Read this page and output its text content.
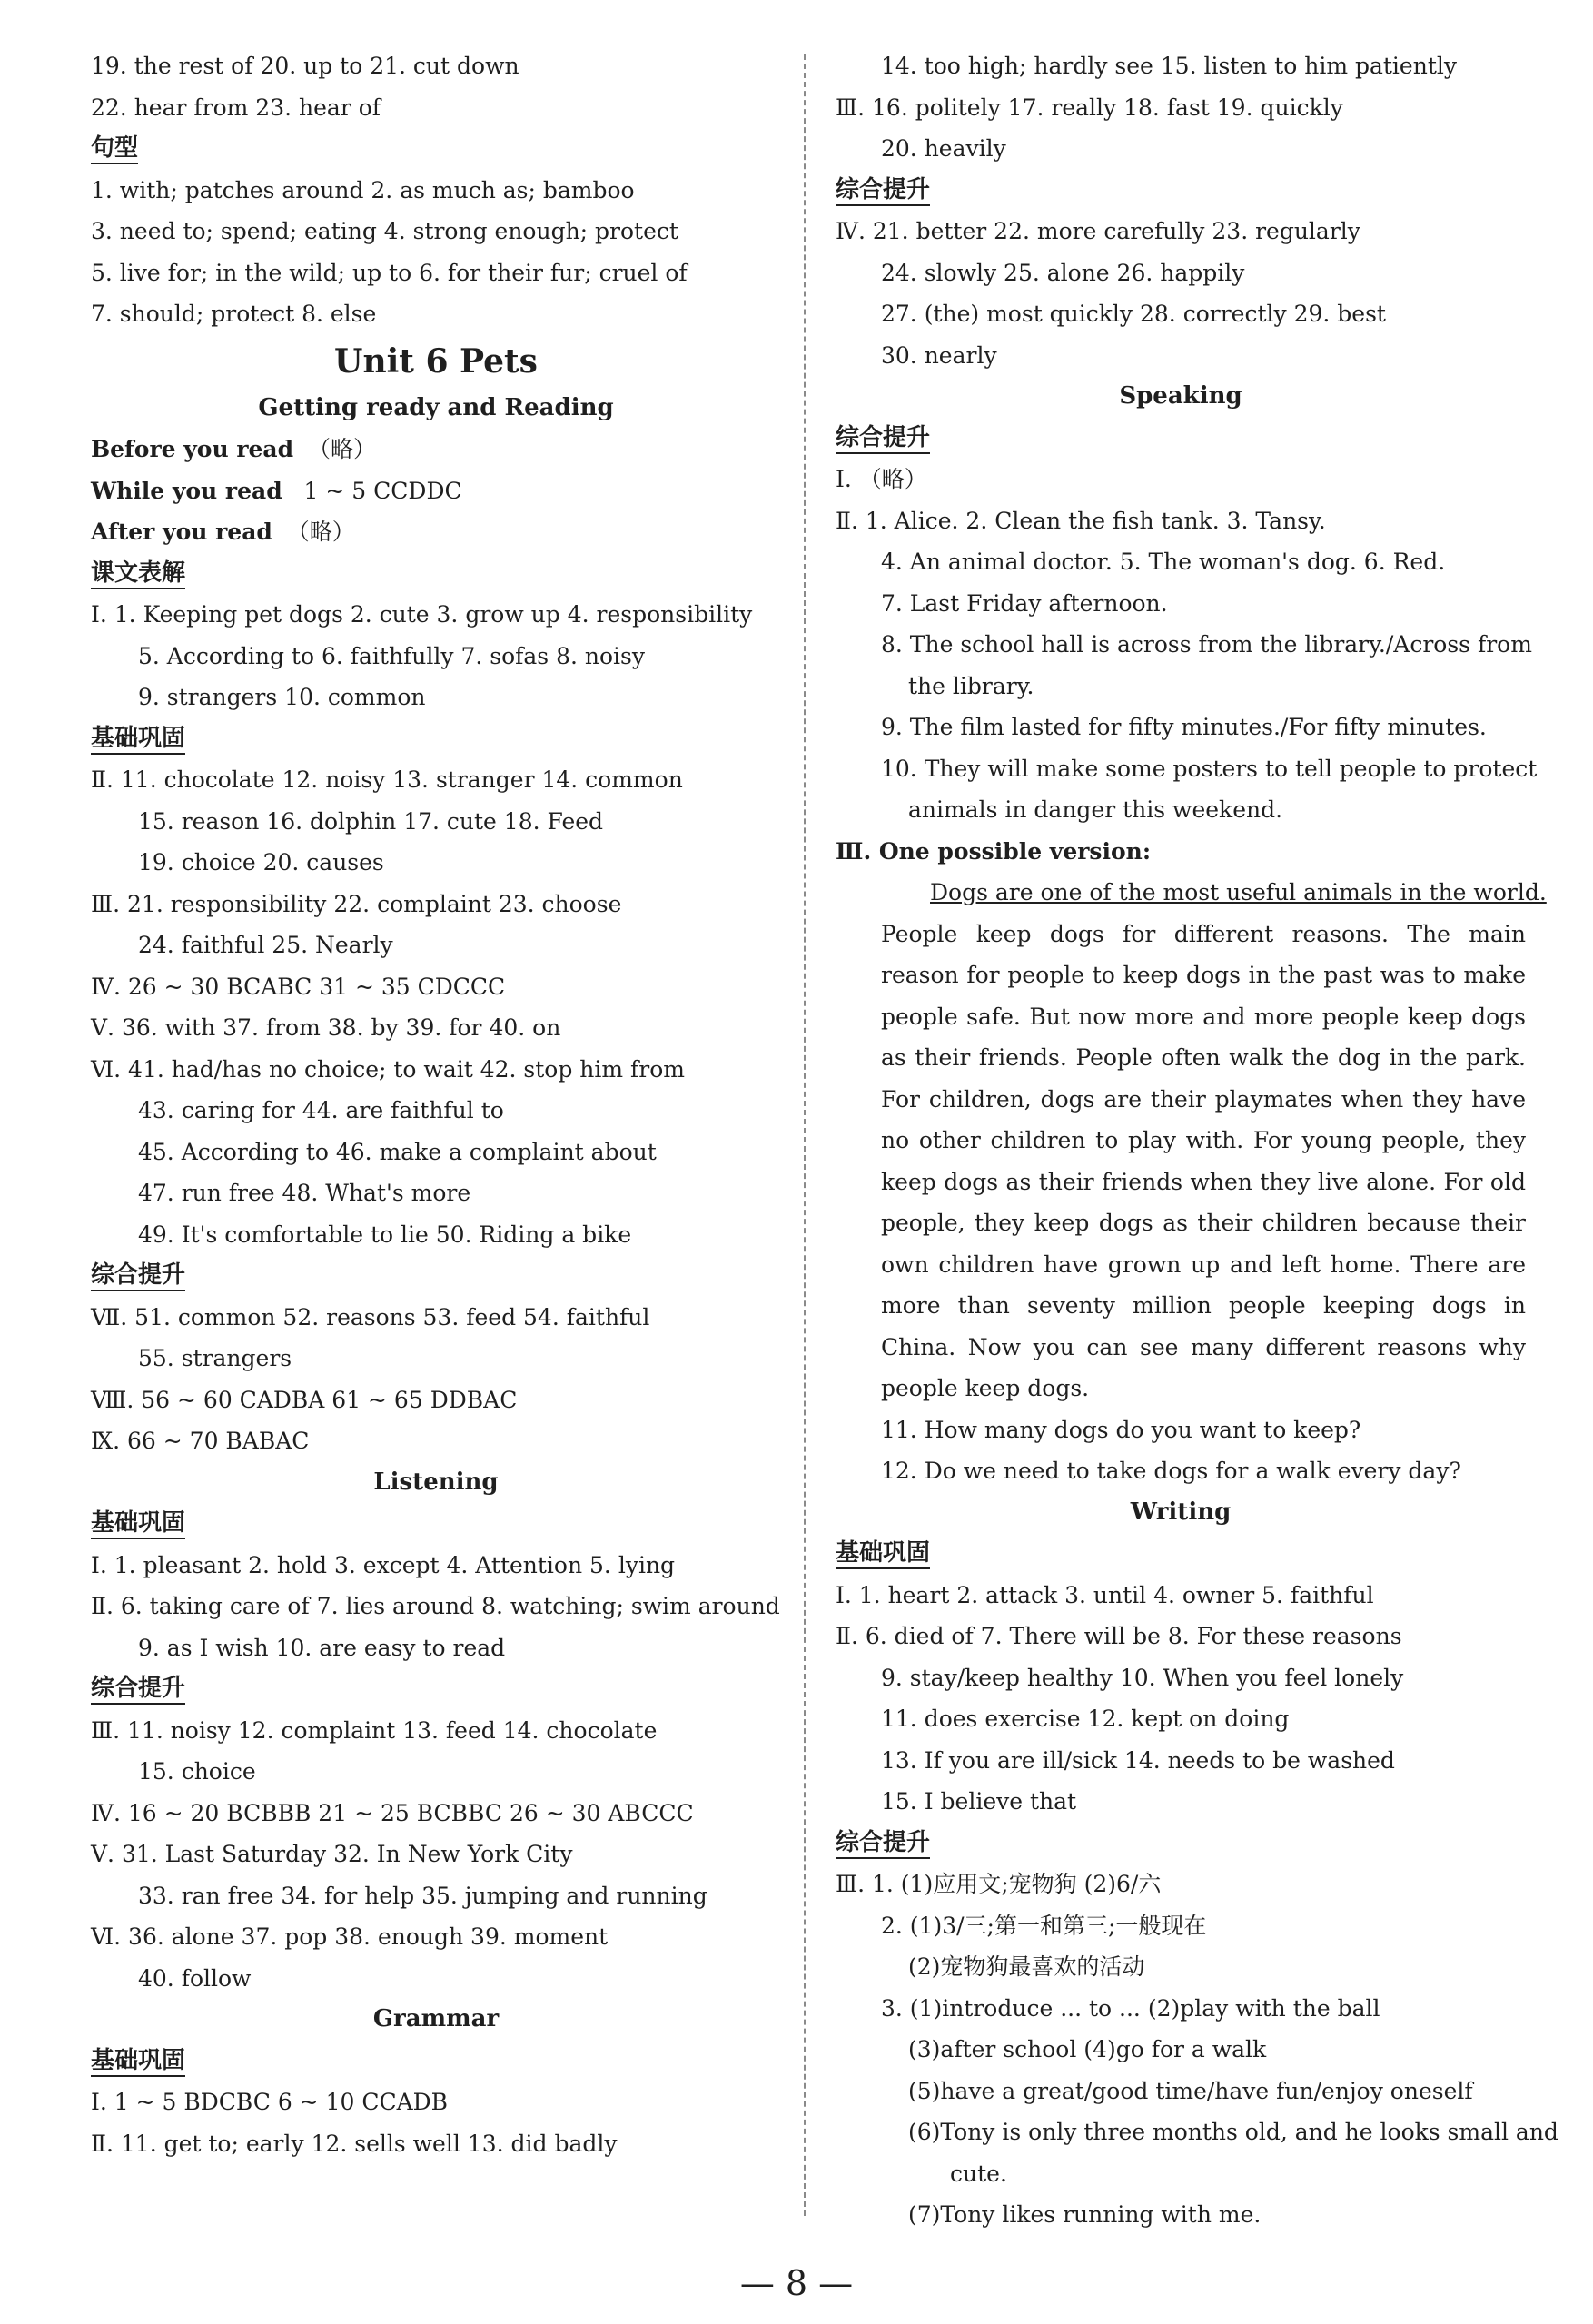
19. the rest of 20. up to 21. cut down
22. hear from 23. hear of
句型
1. with; patches around 2. as much as; bamboo
3. need to; spend; eating 4. strong enough; protect
5. live for; in the wild; up to 6. for their fur; cruel of
7. should; protect 8. else
Unit 6 Pets
Getting ready and Reading
Before you read （略）
While you read 1 ~ 5 CCDDC
After you read （略）
课文表解
Ⅰ. 1. Keeping pet dogs 2. cute 3. grow up 4. responsibility
5. According to 6. faithfully 7. sofas 8. noisy
9. strangers 10. common
基础巩固
Ⅱ. 11. chocolate 12. noisy 13. stranger 14. common
15. reason 16. dolphin 17. cute 18. Feed
19. choice 20. causes
Ⅲ. 21. responsibility 22. complaint 23. choose
24. faithful 25. Nearly
Ⅳ. 26 ~ 30 BCABC 31 ~ 35 CDCCC
Ⅴ. 36. with 37. from 38. by 39. for 40. on
Ⅵ. 41. had/has no choice; to wait 42. stop him from
43. caring for 44. are faithful to
45. According to 46. make a complaint about
47. run free 48. What's more
49. It's comfortable to lie 50. Riding a bike
综合提升
Ⅶ. 51. common 52. reasons 53. feed 54. faithful
55. strangers
Ⅷ. 56 ~ 60 CADBA 61 ~ 65 DDBAC
Ⅸ. 66 ~ 70 BABAC
Listening
基础巩固
Ⅰ. 1. pleasant 2. hold 3. except 4. Attention 5. lying
Ⅱ. 6. taking care of 7. lies around 8. watching; swim around
9. as I wish 10. are easy to read
综合提升
Ⅲ. 11. noisy 12. complaint 13. feed 14. chocolate
15. choice
Ⅳ. 16 ~ 20 BCBBB 21 ~ 25 BCBBC 26 ~ 30 ABCCC
Ⅴ. 31. Last Saturday 32. In New York City
33. ran free 34. for help 35. jumping and running
Ⅵ. 36. alone 37. pop 38. enough 39. moment
40. follow
Grammar
基础巩固
Ⅰ. 1 ~ 5 BDCBC 6 ~ 10 CCADB
Ⅱ. 11. get to; early 12. sells well 13. did badly
14. too high; hardly see 15. listen to him patiently
Ⅲ. 16. politely 17. really 18. fast 19. quickly
20. heavily
综合提升
Ⅳ. 21. better 22. more carefully 23. regularly
24. slowly 25. alone 26. happily
27. (the) most quickly 28. correctly 29. best
30. nearly
Speaking
综合提升
Ⅰ. （略）
Ⅱ. 1. Alice. 2. Clean the fish tank. 3. Tansy.
4. An animal doctor. 5. The woman's dog. 6. Red.
7. Last Friday afternoon.
8. The school hall is across from the library./Across from
the library.
9. The film lasted for fifty minutes./For fifty minutes.
10. They will make some posters to tell people to protect
animals in danger this weekend.
Ⅲ. One possible version:
Dogs are one of the most useful animals in the world.
People keep dogs for different reasons. The main reason for people to keep dogs in the past was to make people safe. But now more and more people keep dogs as their friends. People often walk the dog in the park. For children, dogs are their playmates when they have no other children to play with. For young people, they keep dogs as their friends when they live alone. For old people, they keep dogs as their children because their own children have grown up and left home. There are more than seventy million people keeping dogs in China. Now you can see many different reasons why people keep dogs.
11. How many dogs do you want to keep?
12. Do we need to take dogs for a walk every day?
Writing
基础巩固
Ⅰ. 1. heart 2. attack 3. until 4. owner 5. faithful
Ⅱ. 6. died of 7. There will be 8. For these reasons
9. stay/keep healthy 10. When you feel lonely
11. does exercise 12. kept on doing
13. If you are ill/sick 14. needs to be washed
15. I believe that
综合提升
Ⅲ. 1. (1)应用文;宠物狗 (2)6/六
2. (1)3/三;第一和第三;一般现在
(2)宠物狗最喜欢的活动
3. (1)introduce ... to ... (2)play with the ball
(3)after school (4)go for a walk
(5)have a great/good time/have fun/enjoy oneself
(6)Tony is only three months old, and he looks small and
cute.
(7)Tony likes running with me.
— 8 —
